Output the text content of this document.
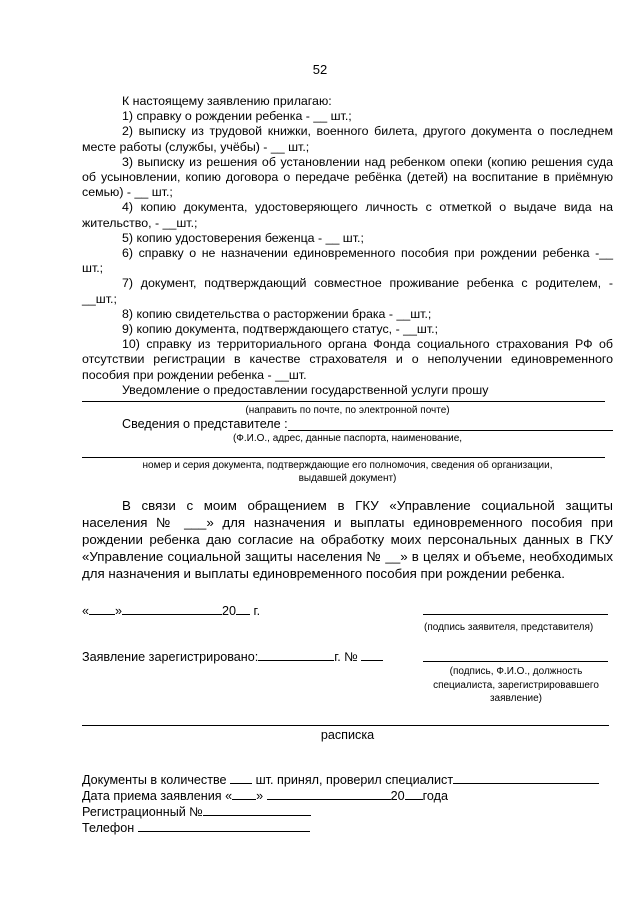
52

К настоящему заявлению прилагаю:

1) справку о рождении ребенка - __ шт.;

2) выписку из трудовой книжки, военного билета, другого документа о последнем месте работы (службы, учёбы) - __ шт.;

3) выписку из решения об установлении над ребенком опеки (копию решения суда об усыновлении, копию договора о передаче ребёнка (детей) на воспитание в приёмную семью) - __ шт.;

4) копию документа, удостоверяющего личность с отметкой о выдаче вида на жительство, - __шт.;

5) копию удостоверения беженца - __ шт.;

6) справку о не назначении единовременного пособия при рождении ребенка -__ шт.;

7) документ, подтверждающий совместное проживание ребенка с родителем, - __шт.;

8) копию свидетельства о расторжении брака - __шт.;

9) копию документа, подтверждающего статус, - __шт.;

10) справку из территориального органа Фонда социального страхования РФ об отсутствии регистрации в качестве страхователя и о неполучении единовременного пособия при рождении ребенка - __шт.

Уведомление о предоставлении государственной услуги прошу

(направить по почте, по электронной почте)
Сведения о представителе :
(Ф.И.О., адрес, данные паспорта, наименование,
номер и серия документа, подтверждающие его полномочия, сведения об организации,
выдавшей документ)

В связи с моим обращением в ГКУ «Управление социальной защиты населения № ___» для назначения и выплаты единовременного пособия при рождении ребенка даю согласие на обработку моих персональных данных в ГКУ «Управление социальной защиты населения № __» в целях и объеме, необходимых для назначения и выплаты единовременного пособия при рождении ребенка.

« »	20 г.
(подпись заявителя, представителя)
Заявление зарегистрировано:	г. №
(подпись, Ф.И.О., должность
специалиста, зарегистрировавшего
заявление)
расписка
Документы в количестве шт. принял, проверил специалист
Дата приема заявления « »	20 года
Регистрационный №
Телефон
